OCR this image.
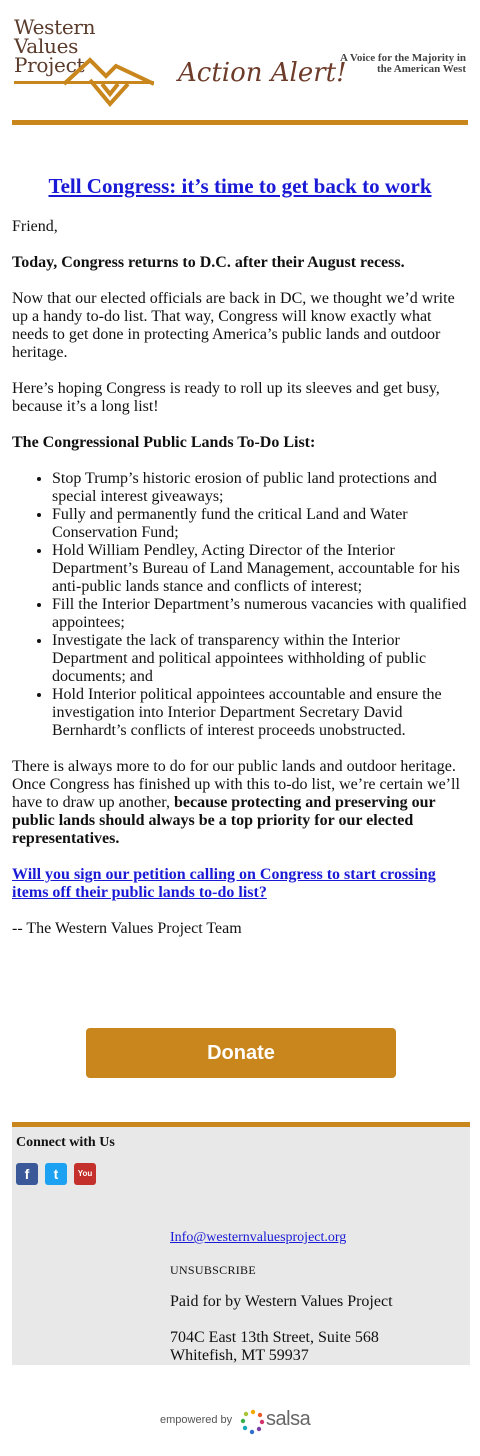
Western Values Project	Action Alert!
A Voice for the Majority in the American West
Tell Congress: it’s time to get back to work

Friend,

Today, Congress returns to D.C. after their August recess.

Now that our elected officials are back in DC, we thought we’d write up a handy to-do list. That way, Congress will know exactly what needs to get done in protecting America’s public lands and outdoor heritage.

Here’s hoping Congress is ready to roll up its sleeves and get busy, because it’s a long list!

The Congressional Public Lands To-Do List:

• Stop Trump’s historic erosion of public land protections and special interest giveaways;
• Fully and permanently fund the critical Land and Water Conservation Fund;
• Hold William Pendley, Acting Director of the Interior Department’s Bureau of Land Management, accountable for his anti-public lands stance and conflicts of interest;
• Fill the Interior Department’s numerous vacancies with qualified appointees;
• Investigate the lack of transparency within the Interior Department and political appointees withholding of public documents; and
• Hold Interior political appointees accountable and ensure the investigation into Interior Department Secretary David Bernhardt’s conflicts of interest proceeds unobstructed.

There is always more to do for our public lands and outdoor heritage. Once Congress has finished up with this to-do list, we’re certain we’ll have to draw up another, because protecting and preserving our public lands should always be a top priority for our elected representatives.

Will you sign our petition calling on Congress to start crossing items off their public lands to-do list?

-- The Western Values Project Team

Donate
Connect with Us
f	t	You
Info@westernvaluesproject.org
UNSUBSCRIBE
Paid for by Western Values Project
704C East 13th Street, Suite 568
Whitefish, MT 59937
empowered by salsa
